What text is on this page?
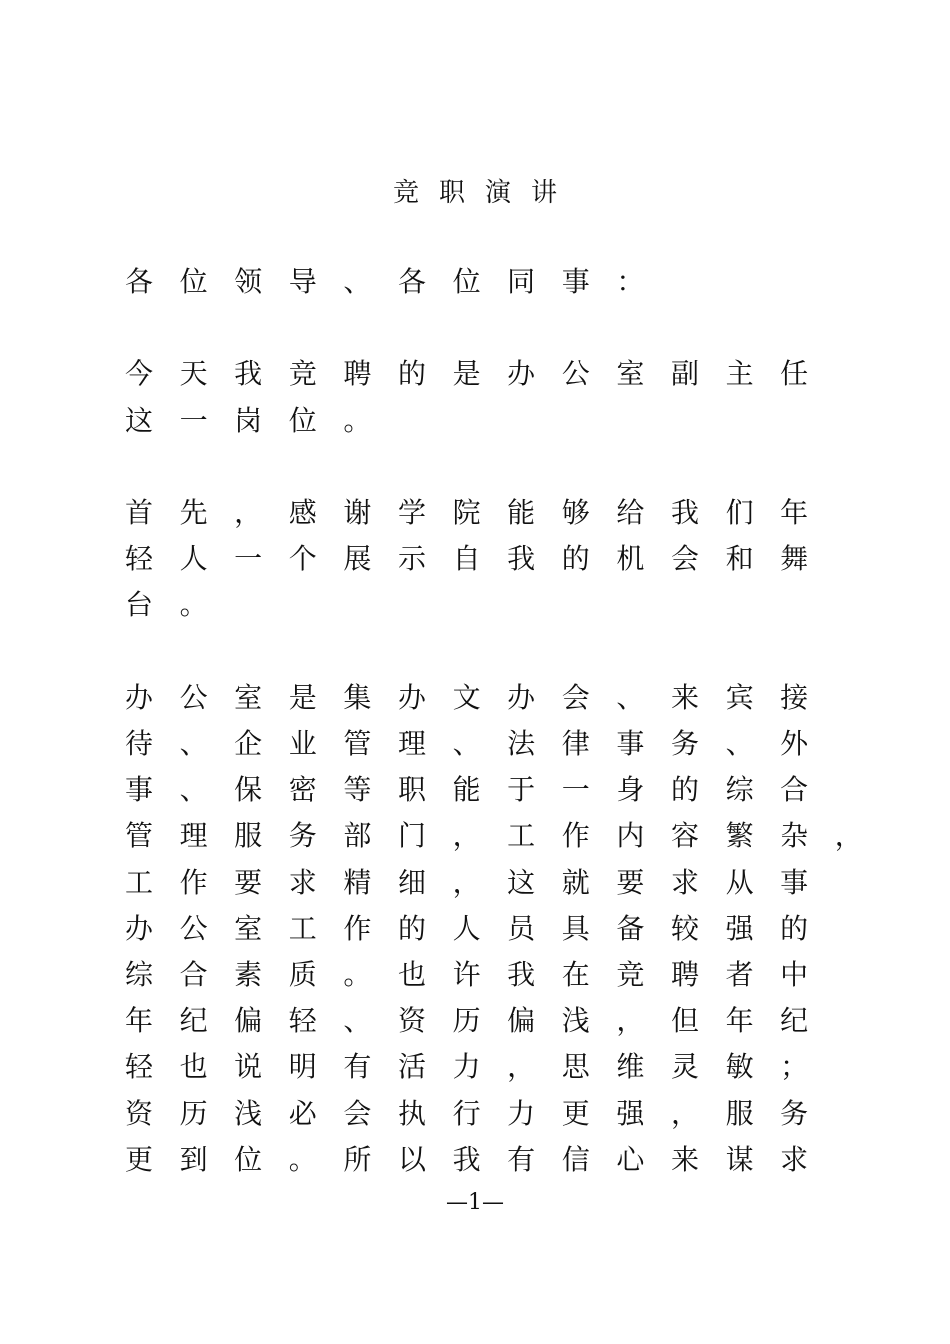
竞职演讲
各 位 领 导 、 各 位 同 事 ：
今 天 我 竞 聘 的 是 办 公 室 副 主 任
这 一 岗 位 。
首 先 ， 感 谢 学 院 能 够 给 我 们 年
轻 人 一 个 展 示 自 我 的 机 会 和 舞
台 。
办 公 室 是 集 办 文 办 会 、 来 宾 接
待 、 企 业 管 理 、 法 律 事 务 、 外
事 、 保 密 等 职 能 于 一 身 的 综 合
管 理 服 务 部 门 ， 工 作 内 容 繁 杂 ，
工 作 要 求 精 细 ， 这 就 要 求 从 事
办 公 室 工 作 的 人 员 具 备 较 强 的
综 合 素 质 。 也 许 我 在 竞 聘 者 中
年 纪 偏 轻 、 资 历 偏 浅 ， 但 年 纪
轻 也 说 明 有 活 力 ， 思 维 灵 敏 ；
资 历 浅 必 会 执 行 力 更 强 ， 服 务
更 到 位 。 所 以 我 有 信 心 来 谋 求
—1—
